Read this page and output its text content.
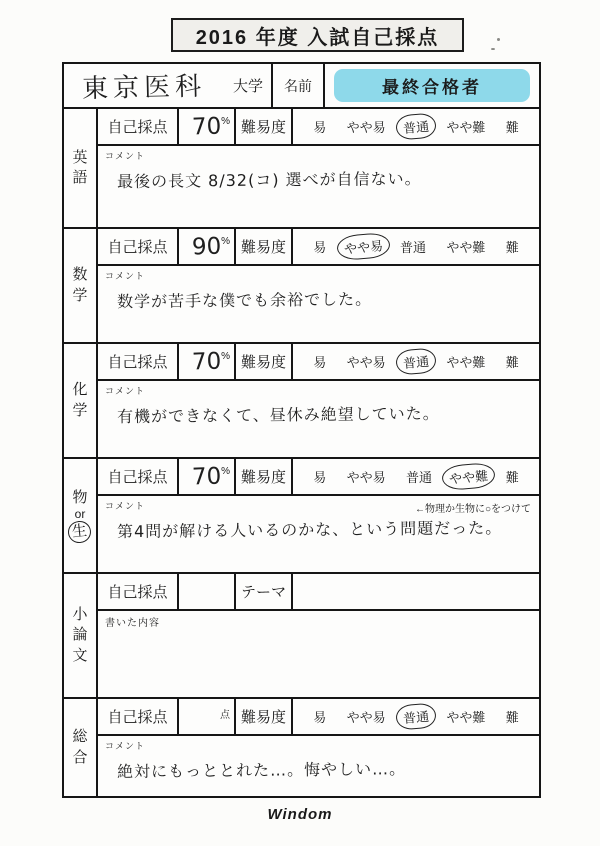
2016 年度 入試自己採点
東京医科 大学	名前	最終合格者
英語
自己採点	70 % 難易度	易	やや易	普通	やや難	難
コメント
最後の長文 8/32(コ) 選べが自信ない。
数学
自己採点	90 % 難易度	易	やや易	普通	やや難	難
コメント
数学が苦手な僕でも余裕でした。
化学
自己採点	70 % 難易度	易	やや易	普通	やや難	難
コメント
有機ができなくて、昼休み絶望していた。
物
or
生
自己採点	70 % 難易度	易	やや易	普通	やや難	難
コメント	←物理か生物に○をつけて
第4問が解ける人いるのかな、という問題だった。
小論文
自己採点	テーマ
書いた内容
総合
自己採点	点 難易度	易	やや易	普通	やや難	難
コメント
絶対にもっととれた…。悔やしい…。
Windom
